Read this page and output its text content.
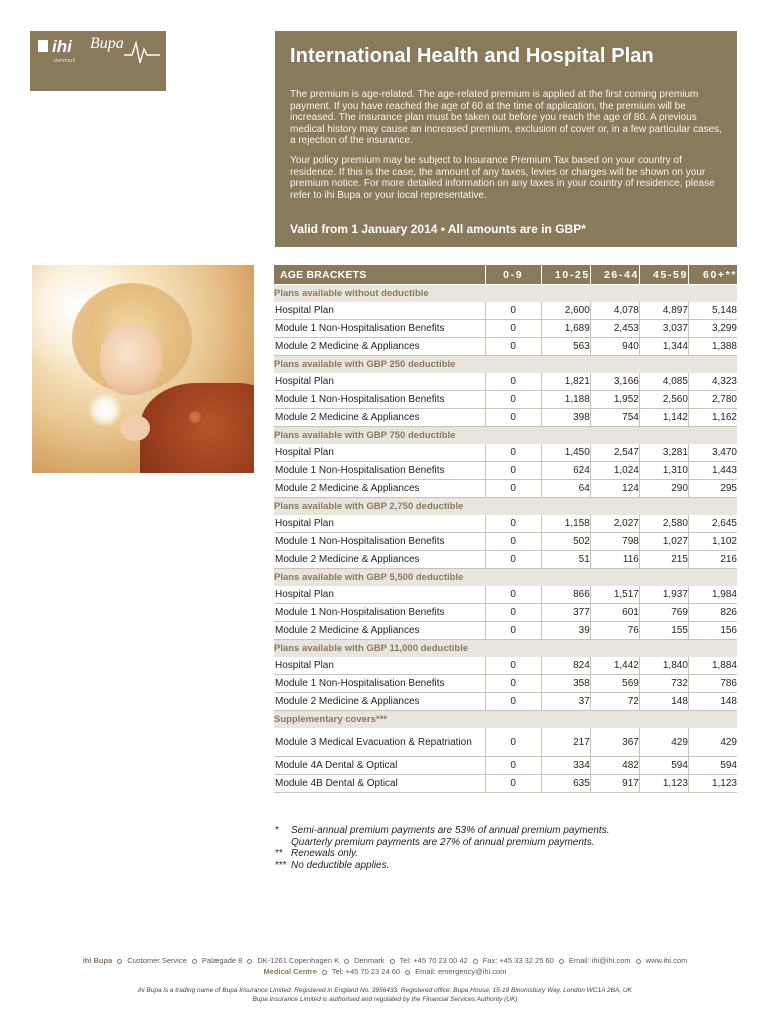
ihi
danmark
Bupa
International Health and Hospital Plan

The premium is age-related. The age-related premium is applied at the first coming premium payment. If you have reached the age of 60 at the time of application, the premium will be increased. The insurance plan must be taken out before you reach the age of 80. A previous medical history may cause an increased premium, exclusion of cover or, in a few particular cases, a rejection of the insurance.

Your policy premium may be subject to Insurance Premium Tax based on your country of residence. If this is the case, the amount of any taxes, levies or charges will be shown on your premium notice. For more detailed information on any taxes in your country of residence, please refer to ihi Bupa or your local representative.

Valid from 1 January 2014 • All amounts are in GBP*
AGE BRACKETS	0-9	10-25	26-44	45-59	60+**
Plans available without deductible					
Hospital Plan	0	2,600	4,078	4,897	5,148
Module 1 Non-Hospitalisation Benefits	0	1,689	2,453	3,037	3,299
Module 2 Medicine & Appliances	0	563	940	1,344	1,388
Plans available with GBP 250 deductible					
Hospital Plan	0	1,821	3,166	4,085	4,323
Module 1 Non-Hospitalisation Benefits	0	1,188	1,952	2,560	2,780
Module 2 Medicine & Appliances	0	398	754	1,142	1,162
Plans available with GBP 750 deductible					
Hospital Plan	0	1,450	2,547	3,281	3,470
Module 1 Non-Hospitalisation Benefits	0	624	1,024	1,310	1,443
Module 2 Medicine & Appliances	0	64	124	290	295
Plans available with GBP 2,750 deductible					
Hospital Plan	0	1,158	2,027	2,580	2,645
Module 1 Non-Hospitalisation Benefits	0	502	798	1,027	1,102
Module 2 Medicine & Appliances	0	51	116	215	216
Plans available with GBP 5,500 deductible					
Hospital Plan	0	866	1,517	1,937	1,984
Module 1 Non-Hospitalisation Benefits	0	377	601	769	826
Module 2 Medicine & Appliances	0	39	76	155	156
Plans available with GBP 11,000 deductible					
Hospital Plan	0	824	1,442	1,840	1,884
Module 1 Non-Hospitalisation Benefits	0	358	569	732	786
Module 2 Medicine & Appliances	0	37	72	148	148
Supplementary covers***					
Module 3 Medical Evacuation & Repatriation	0	217	367	429	429
Module 4A Dental & Optical	0	334	482	594	594
Module 4B Dental & Optical	0	635	917	1,123	1,123
* Semi-annual premium payments are 53% of annual premium payments.
Quarterly premium payments are 27% of annual premium payments.
** Renewals only.
*** No deductible applies.
ihi Bupa Customer Service Palægade 8 DK-1261 Copenhagen K Denmark Tel: +45 70 23 00 42 Fax: +45 33 32 25 60 Email: ihi@ihi.com www.ihi.com
Medical Centre Tel: +45 70 23 24 60 Email: emergency@ihi.com
ihi Bupa is a trading name of Bupa Insurance Limited. Registered in England No. 3956433. Registered office: Bupa House, 15-19 Bloomsbury Way, London WC1A 2BA, UK
Bupa Insurance Limited is authorised and regulated by the Financial Services Authority (UK)
